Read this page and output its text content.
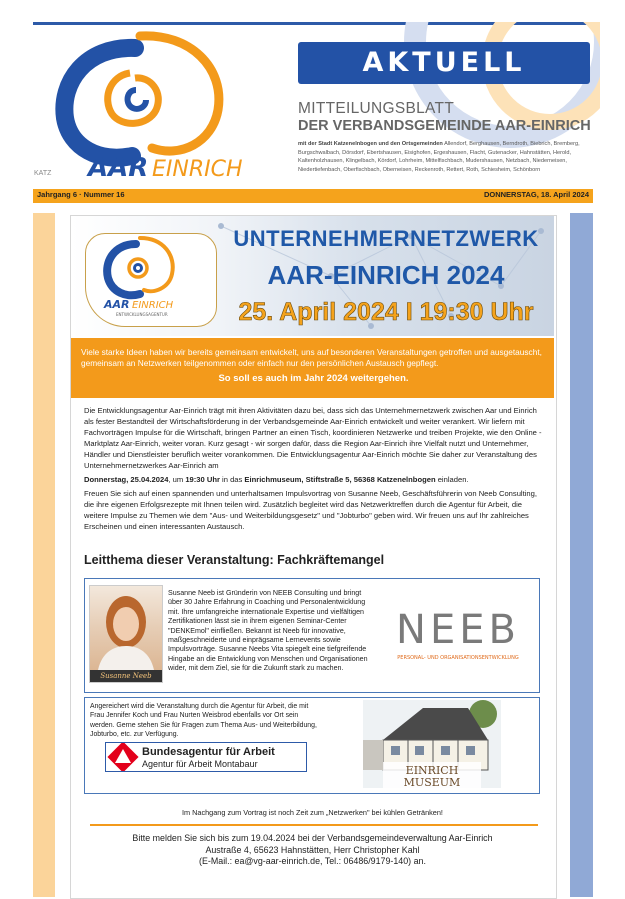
AAR EINRICH
KATZ
AKTUELL
MITTEILUNGSBLATT
DER VERBANDSGEMEINDE AAR-EINRICH
mit der Stadt Katzenelnbogen und den Ortsgemeinden Allendorf, Berghausen, Berndroth, Biebrich, Bremberg, Burgschwalbach, Dörsdorf, Ebertshausen, Eisighofen, Ergeshausen, Flacht, Gutenacker, Hahnstätten, Herold, Kaltenholzhausen, Klingelbach, Kördorf, Lohrheim, Mittelfischbach, Mudershausen, Netzbach, Niederneisen, Niedertiefenbach, Oberfischbach, Oberneisen, Reckenroth, Rettert, Roth, Schiesheim, Schönborn
Jahrgang 6 · Nummer 16	DONNERSTAG, 18. April 2024
AAR EINRICH
ENTWICKLUNGSAGENTUR
UNTERNEHMERNETZWERK
AAR-EINRICH 2024
25. April 2024 I 19:30 Uhr
Viele starke Ideen haben wir bereits gemeinsam entwickelt, uns auf besonderen Veranstaltungen getroffen und ausgetauscht, gemeinsam an Netzwerken teilgenommen oder einfach nur den persönlichen Austausch gepflegt.
So soll es auch im Jahr 2024 weitergehen.

Die Entwicklungsagentur Aar-Einrich trägt mit ihren Aktivitäten dazu bei, dass sich das Unternehmernetzwerk zwischen Aar und Einrich als fester Bestandteil der Wirtschaftsförderung in der Verbandsgemeinde Aar-Einrich entwickelt und weiter verankert. Wir liefern mit Fachvorträgen Impulse für die Wirtschaft, bringen Partner an einen Tisch, koordinieren Netzwerke und treiben Projekte, wie den Online -Marktplatz Aar-Einrich, weiter voran. Kurz gesagt - wir sorgen dafür, dass die Region Aar-Einrich ihre Vielfalt nutzt und Unternehmer, Händler und Dienstleister beruflich weiter vorankommen. Die Entwicklungsagentur Aar-Einrich möchte Sie daher zur Veranstaltung des Unternehmernetzwerkes Aar-Einrich am

Donnerstag, 25.04.2024, um 19:30 Uhr in das Einrichmuseum, Stiftstraße 5, 56368 Katzenelnbogen einladen.

Freuen Sie sich auf einen spannenden und unterhaltsamen Impulsvortrag von Susanne Neeb, Geschäftsführerin von Neeb Consulting, die ihre eigenen Erfolgsrezepte mit Ihnen teilen wird. Zusätzlich begleitet wird das Netzwerktreffen durch die Agentur für Arbeit, die weitere Impulse zu Themen wie dem "Aus- und Weiterbildungsgesetz" und "Jobturbo" geben wird. Wir freuen uns auf Ihr zahlreiches Erscheinen und einen interessanten Austausch.

Leitthema dieser Veranstaltung: Fachkräftemangel
Susanne Neeb
Susanne Neeb ist Gründerin von NEEB Consulting und bringt über 30 Jahre Erfahrung in Coaching und Personalentwicklung mit. Ihre umfangreiche internationale Expertise und vielfältigen Zertifikationen lässt sie in ihrem eigenen Seminar-Center "DENKEmol" einfließen. Bekannt ist Neeb für innovative, maßgeschneiderte und einprägsame Lernevents sowie Impulsvorträge. Susanne Neebs Vita spiegelt eine tiefgreifende Hingabe an die Entwicklung von Menschen und Organisationen wider, mit dem Ziel, sie für die Zukunft stark zu machen.
NEEB
PERSONAL- UND ORGANISATIONSENTWICKLUNG
Angereichert wird die Veranstaltung durch die Agentur für Arbeit, die mit Frau Jennifer Koch und Frau Nurten Weisbrod ebenfalls vor Ort sein werden. Gerne stehen Sie für Fragen zum Thema Aus- und Weiterbildung, Jobturbo, etc. zur Verfügung.
Bundesagentur für Arbeit
Agentur für Arbeit Montabaur	EINRICH
MUSEUM
Im Nachgang zum Vortrag ist noch Zeit zum „Netzwerken" bei kühlen Getränken!
Bitte melden Sie sich bis zum 19.04.2024 bei der Verbandsgemeindeverwaltung Aar-Einrich
Austraße 4, 65623 Hahnstätten, Herr Christopher Kahl
(E-Mail.: ea@vg-aar-einrich.de, Tel.: 06486/9179-140) an.
